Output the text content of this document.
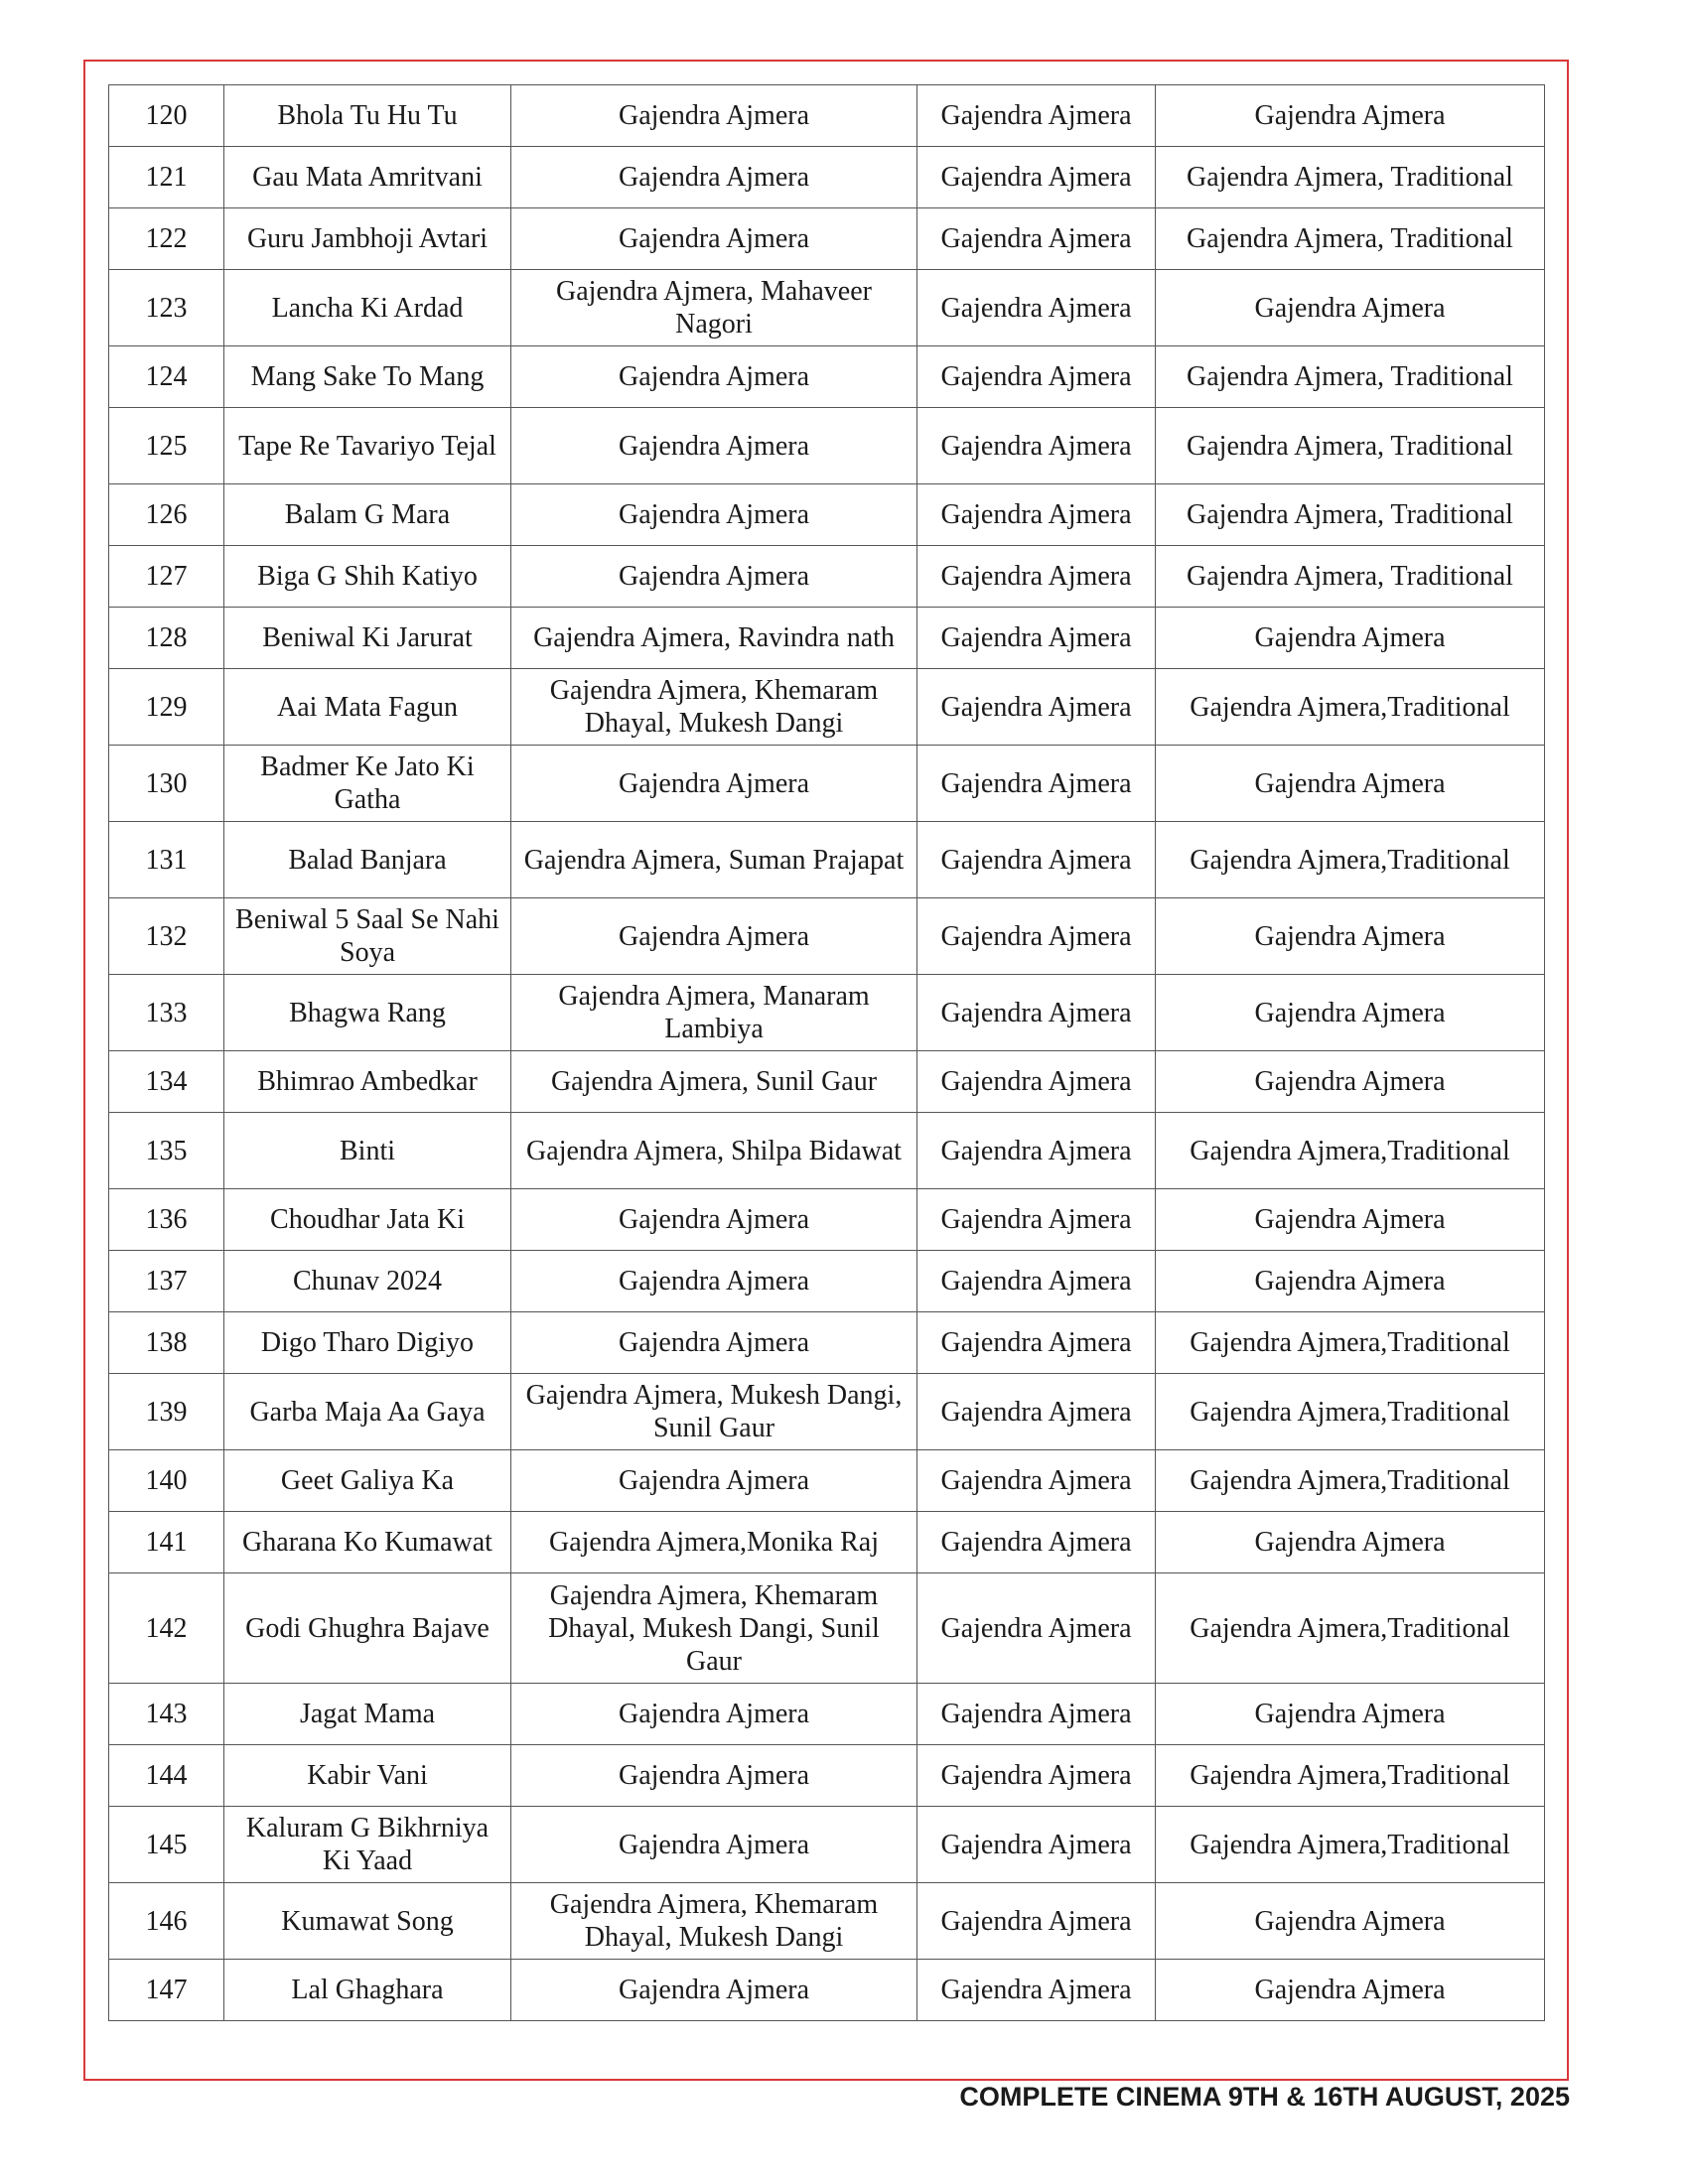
120	Bhola Tu Hu Tu	Gajendra Ajmera	Gajendra Ajmera	Gajendra Ajmera
121	Gau Mata Amritvani	Gajendra Ajmera	Gajendra Ajmera	Gajendra Ajmera, Traditional
122	Guru Jambhoji Avtari	Gajendra Ajmera	Gajendra Ajmera	Gajendra Ajmera, Traditional
123	Lancha Ki Ardad	Gajendra Ajmera, Mahaveer Nagori	Gajendra Ajmera	Gajendra Ajmera
124	Mang Sake To Mang	Gajendra Ajmera	Gajendra Ajmera	Gajendra Ajmera, Traditional
125	Tape Re Tavariyo Tejal	Gajendra Ajmera	Gajendra Ajmera	Gajendra Ajmera, Traditional
126	Balam G Mara	Gajendra Ajmera	Gajendra Ajmera	Gajendra Ajmera, Traditional
127	Biga G Shih Katiyo	Gajendra Ajmera	Gajendra Ajmera	Gajendra Ajmera, Traditional
128	Beniwal Ki Jarurat	Gajendra Ajmera, Ravindra nath	Gajendra Ajmera	Gajendra Ajmera
129	Aai Mata Fagun	Gajendra Ajmera, Khemaram Dhayal, Mukesh Dangi	Gajendra Ajmera	Gajendra Ajmera,Traditional
130	Badmer Ke Jato Ki Gatha	Gajendra Ajmera	Gajendra Ajmera	Gajendra Ajmera
131	Balad Banjara	Gajendra Ajmera, Suman Prajapat	Gajendra Ajmera	Gajendra Ajmera,Traditional
132	Beniwal 5 Saal Se Nahi Soya	Gajendra Ajmera	Gajendra Ajmera	Gajendra Ajmera
133	Bhagwa Rang	Gajendra Ajmera, Manaram Lambiya	Gajendra Ajmera	Gajendra Ajmera
134	Bhimrao Ambedkar	Gajendra Ajmera, Sunil Gaur	Gajendra Ajmera	Gajendra Ajmera
135	Binti	Gajendra Ajmera, Shilpa Bidawat	Gajendra Ajmera	Gajendra Ajmera,Traditional
136	Choudhar Jata Ki	Gajendra Ajmera	Gajendra Ajmera	Gajendra Ajmera
137	Chunav 2024	Gajendra Ajmera	Gajendra Ajmera	Gajendra Ajmera
138	Digo Tharo Digiyo	Gajendra Ajmera	Gajendra Ajmera	Gajendra Ajmera,Traditional
139	Garba Maja Aa Gaya	Gajendra Ajmera, Mukesh Dangi, Sunil Gaur	Gajendra Ajmera	Gajendra Ajmera,Traditional
140	Geet Galiya Ka	Gajendra Ajmera	Gajendra Ajmera	Gajendra Ajmera,Traditional
141	Gharana Ko Kumawat	Gajendra Ajmera,Monika Raj	Gajendra Ajmera	Gajendra Ajmera
142	Godi Ghughra Bajave	Gajendra Ajmera, Khemaram Dhayal, Mukesh Dangi, Sunil Gaur	Gajendra Ajmera	Gajendra Ajmera,Traditional
143	Jagat Mama	Gajendra Ajmera	Gajendra Ajmera	Gajendra Ajmera
144	Kabir Vani	Gajendra Ajmera	Gajendra Ajmera	Gajendra Ajmera,Traditional
145	Kaluram G Bikhrniya Ki Yaad	Gajendra Ajmera	Gajendra Ajmera	Gajendra Ajmera,Traditional
146	Kumawat Song	Gajendra Ajmera, Khemaram Dhayal, Mukesh Dangi	Gajendra Ajmera	Gajendra Ajmera
147	Lal Ghaghara	Gajendra Ajmera	Gajendra Ajmera	Gajendra Ajmera
COMPLETE CINEMA 9TH & 16TH AUGUST, 2025
